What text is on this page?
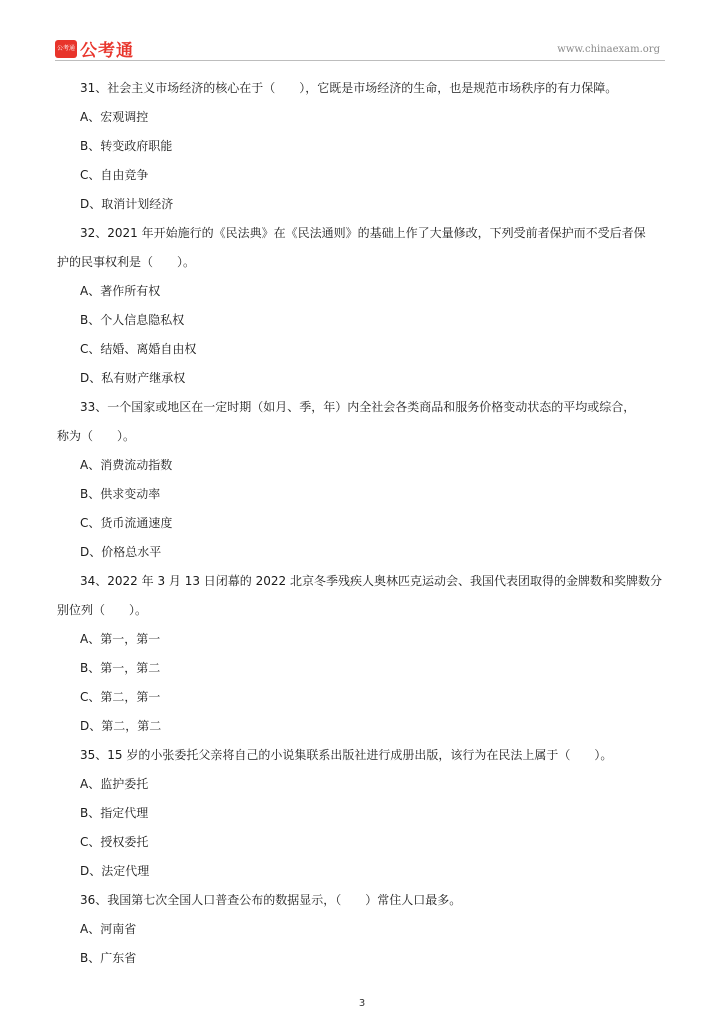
公考通 公考通	www.chinaexam.org
31、社会主义市场经济的核心在于（　　），它既是市场经济的生命，也是规范市场秩序的有力保障。
A、宏观调控
B、转变政府职能
C、自由竞争
D、取消计划经济
32、2021 年开始施行的《民法典》在《民法通则》的基础上作了大量修改，下列受前者保护而不受后者保
护的民事权利是（　　）。
A、著作所有权
B、个人信息隐私权
C、结婚、离婚自由权
D、私有财产继承权
33、一个国家或地区在一定时期（如月、季，年）内全社会各类商品和服务价格变动状态的平均或综合，
称为（　　）。
A、消费流动指数
B、供求变动率
C、货币流通速度
D、价格总水平
34、2022 年 3 月 13 日闭幕的 2022 北京冬季残疾人奥林匹克运动会、我国代表团取得的金牌数和奖牌数分
别位列（　　）。
A、第一，第一
B、第一，第二
C、第二，第一
D、第二，第二
35、15 岁的小张委托父亲将自己的小说集联系出版社进行成册出版，该行为在民法上属于（　　）。
A、监护委托
B、指定代理
C、授权委托
D、法定代理
36、我国第七次全国人口普查公布的数据显示，（　　）常住人口最多。
A、河南省
B、广东省
3
